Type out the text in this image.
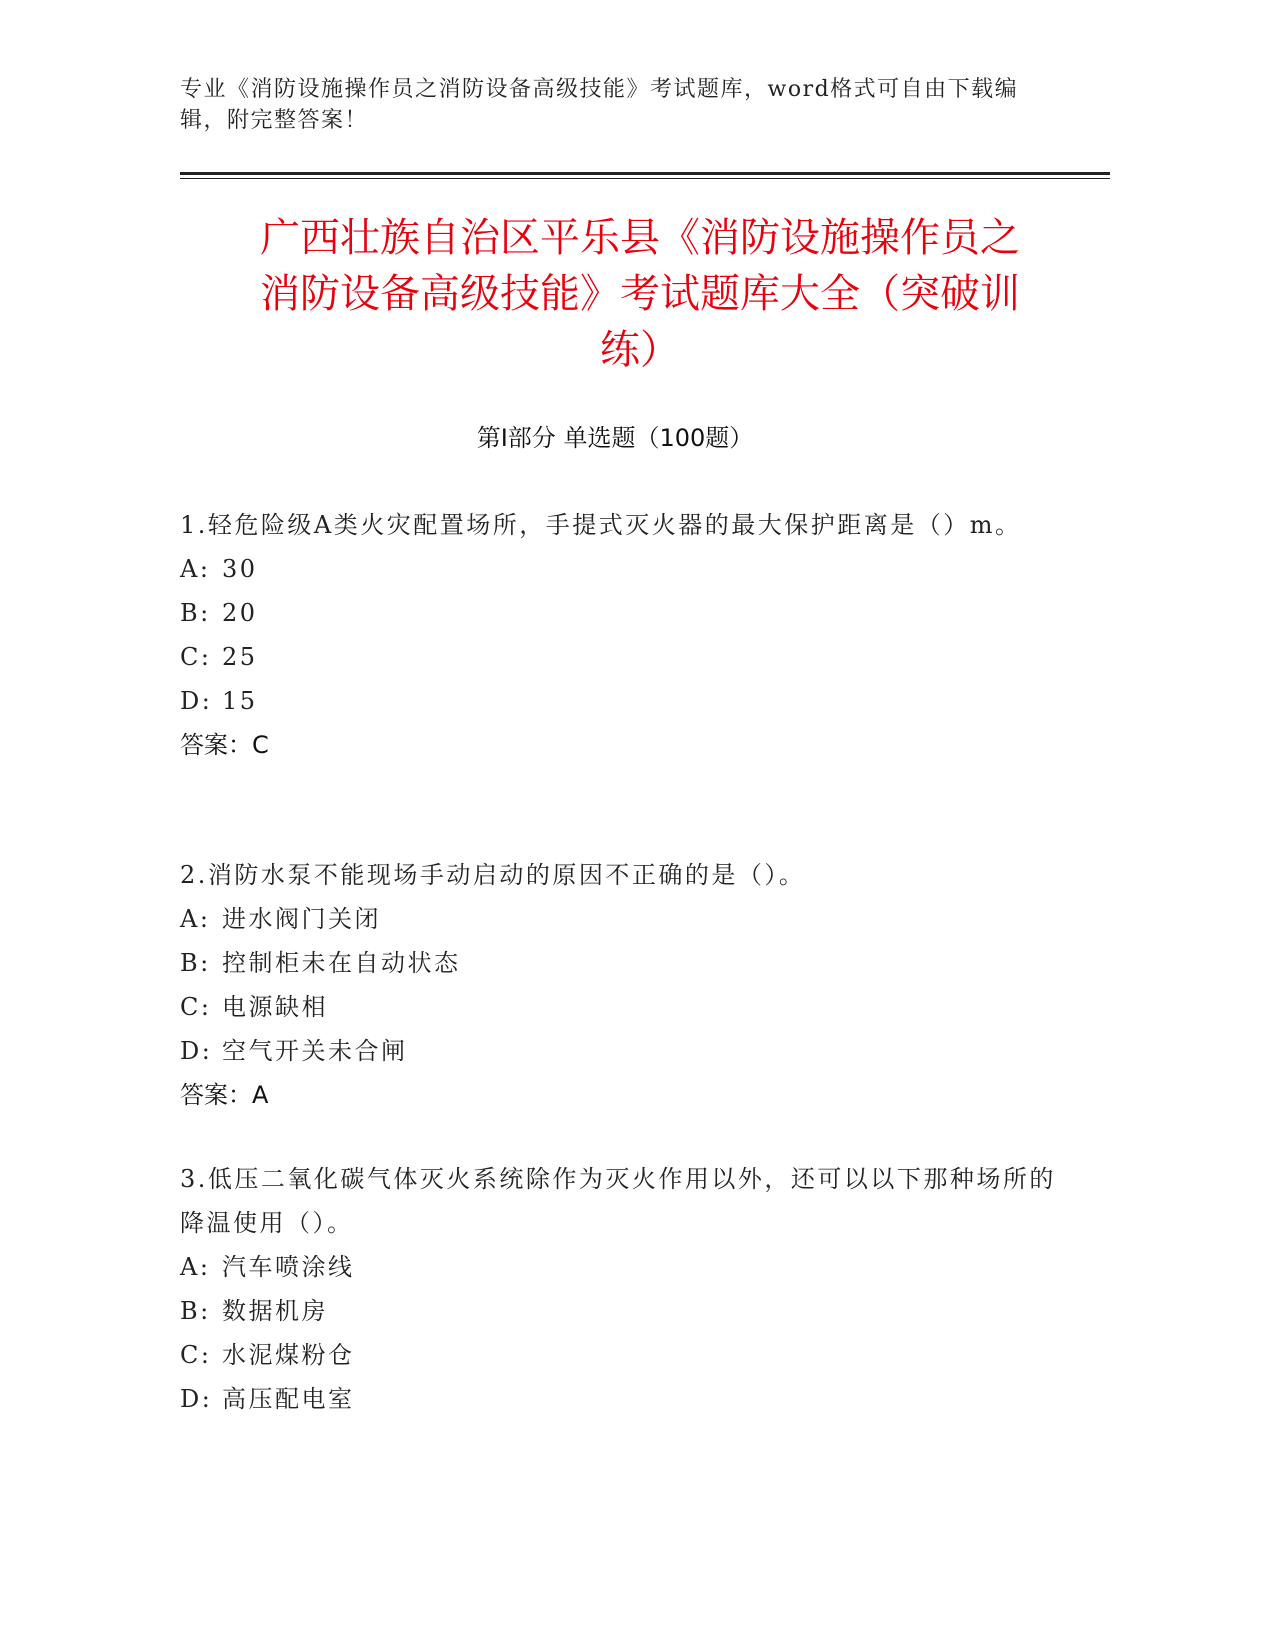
专业《消防设施操作员之消防设备高级技能》考试题库，word格式可自由下载编辑，附完整答案！
广西壮族自治区平乐县《消防设施操作员之
消防设备高级技能》考试题库大全（突破训
练）
第Ⅰ部分 单选题（100题）

1.轻危险级A类火灾配置场所，手提式灭火器的最大保护距离是（）m。

A: 30

B: 20

C: 25

D: 15

答案：C

2.消防水泵不能现场手动启动的原因不正确的是（）。

A: 进水阀门关闭

B: 控制柜未在自动状态

C: 电源缺相

D: 空气开关未合闸

答案：A

3.低压二氧化碳气体灭火系统除作为灭火作用以外，还可以以下那种场所的降温使用（）。

A: 汽车喷涂线

B: 数据机房

C: 水泥煤粉仓

D: 高压配电室
